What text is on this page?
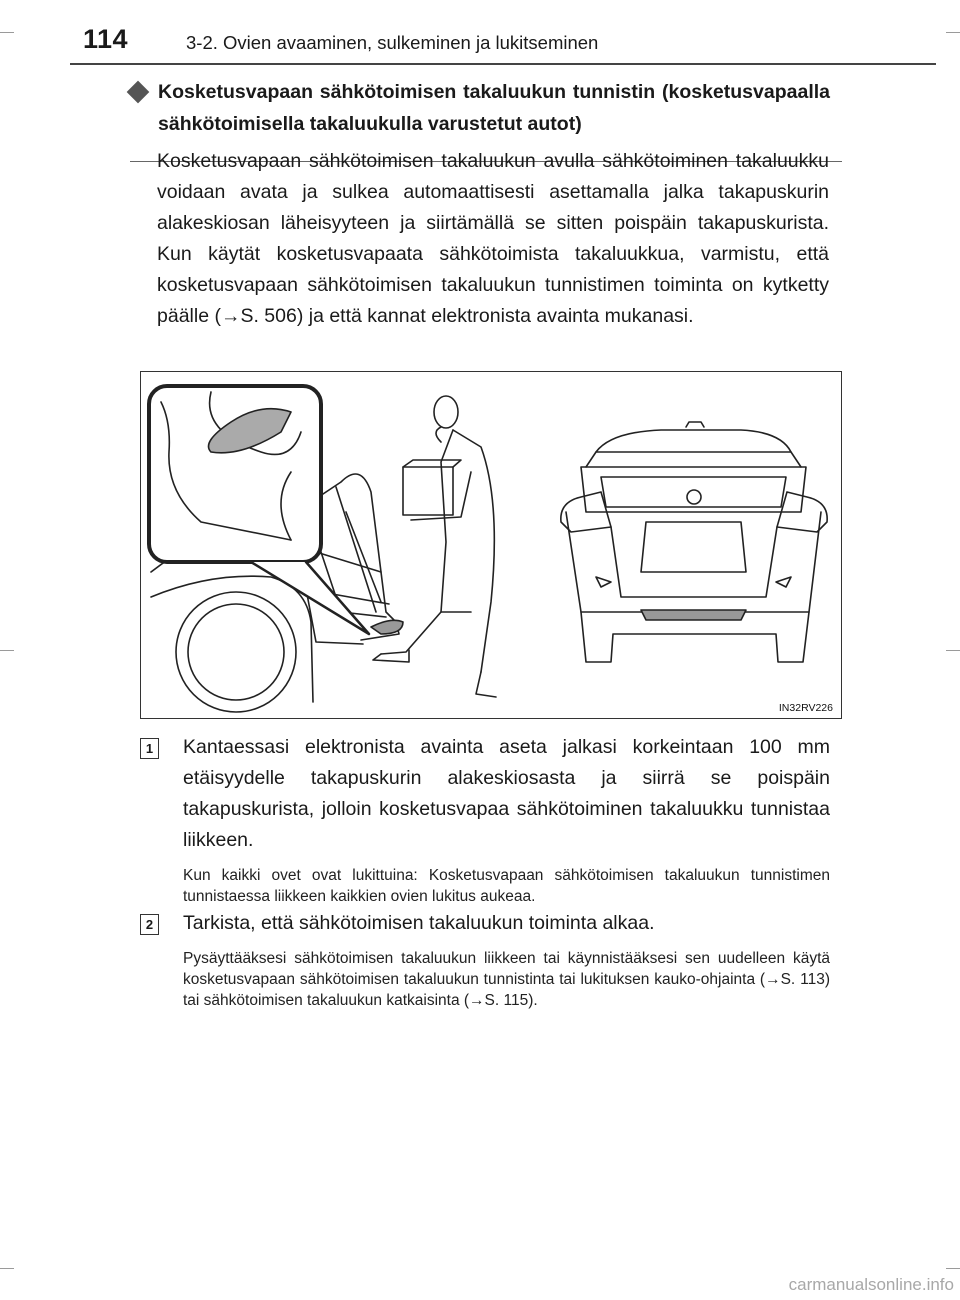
114	3-2. Ovien avaaminen, sulkeminen ja lukitseminen
Kosketusvapaan sähkötoimisen takaluukun tunnistin (kosketusvapaalla sähkötoimisella takaluukulla varustetut autot)
Kosketusvapaan sähkötoimisen takaluukun avulla sähkötoiminen takaluukku voidaan avata ja sulkea automaattisesti asettamalla jalka takapuskurin alakeskiosan läheisyyteen ja siirtämällä se sitten poispäin takapuskurista. Kun käytät kosketusvapaata sähkötoimista takaluukkua, varmistu, että kosketusvapaan sähkötoimisen takaluukun tunnistimen toiminta on kytketty päälle (→S. 506) ja että kannat elektronista avainta mukanasi.
IN32RV226
1	Kantaessasi elektronista avainta aseta jalkasi korkeintaan 100 mm etäisyydelle takapuskurin alakeskiosasta ja siirrä se poispäin takapuskurista, jolloin kosketusvapaa sähkötoiminen takaluukku tunnistaa liikkeen.
Kun kaikki ovet ovat lukittuina: Kosketusvapaan sähkötoimisen takaluukun tunnistimen tunnistaessa liikkeen kaikkien ovien lukitus aukeaa.
2	Tarkista, että sähkötoimisen takaluukun toiminta alkaa.
Pysäyttääksesi sähkötoimisen takaluukun liikkeen tai käynnistääksesi sen uudelleen käytä kosketusvapaan sähkötoimisen takaluukun tunnistinta tai lukituksen kauko-ohjainta (→S. 113) tai sähkötoimisen takaluukun katkaisinta (→S. 115).
carmanualsonline.info
